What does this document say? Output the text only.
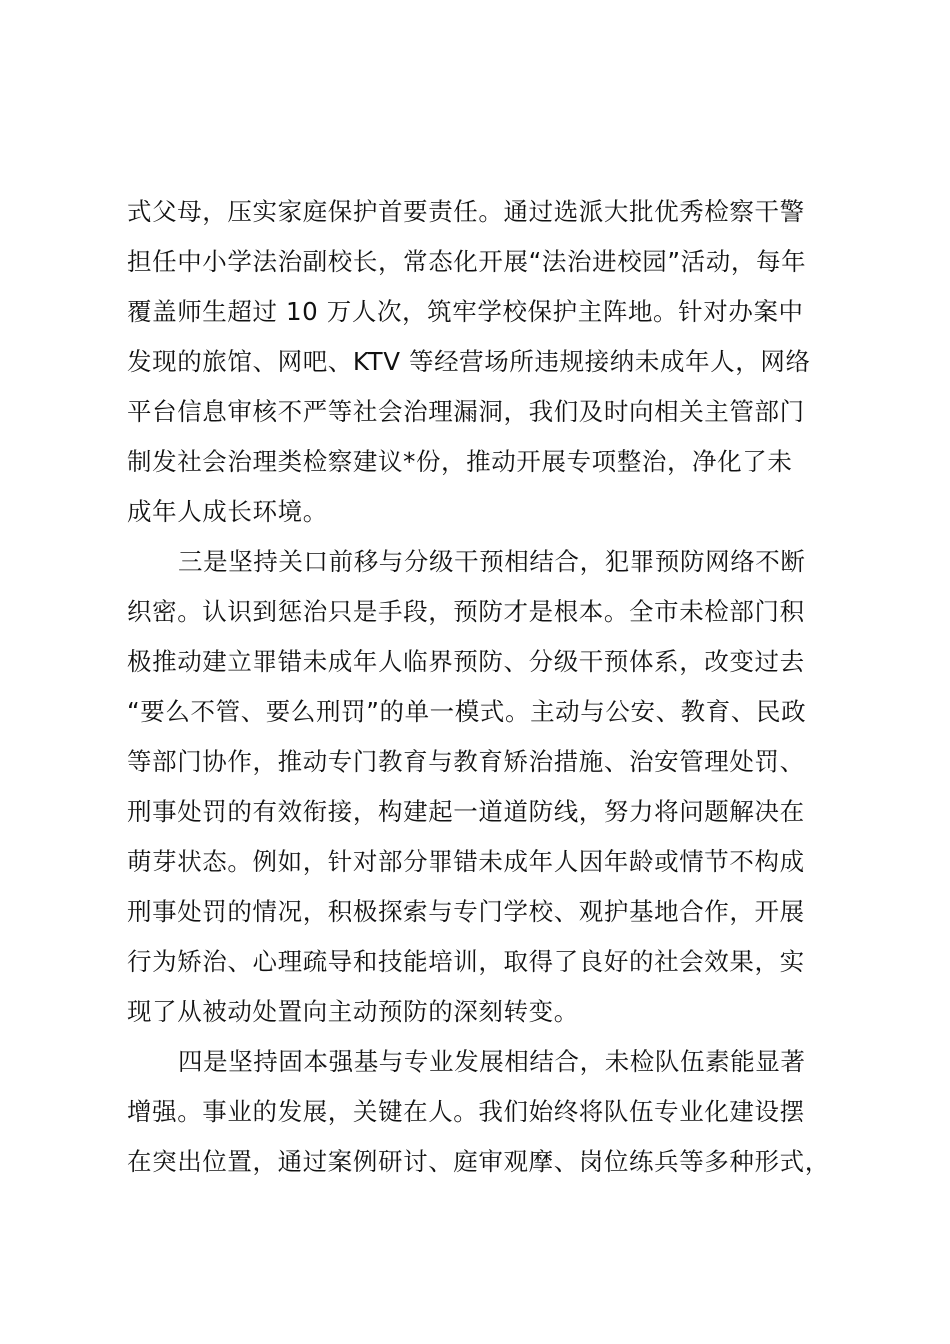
式父母，压实家庭保护首要责任。通过选派大批优秀检察干警
担任中小学法治副校长，常态化开展“法治进校园”活动，每年
覆盖师生超过 10 万人次，筑牢学校保护主阵地。针对办案中
发现的旅馆、网吧、KTV 等经营场所违规接纳未成年人，网络
平台信息审核不严等社会治理漏洞，我们及时向相关主管部门
制发社会治理类检察建议*份，推动开展专项整治，净化了未
成年人成长环境。
三是坚持关口前移与分级干预相结合，犯罪预防网络不断
织密。认识到惩治只是手段，预防才是根本。全市未检部门积
极推动建立罪错未成年人临界预防、分级干预体系，改变过去
“要么不管、要么刑罚”的单一模式。主动与公安、教育、民政
等部门协作，推动专门教育与教育矫治措施、治安管理处罚、
刑事处罚的有效衔接，构建起一道道防线，努力将问题解决在
萌芽状态。例如，针对部分罪错未成年人因年龄或情节不构成
刑事处罚的情况，积极探索与专门学校、观护基地合作，开展
行为矫治、心理疏导和技能培训，取得了良好的社会效果，实
现了从被动处置向主动预防的深刻转变。
四是坚持固本强基与专业发展相结合，未检队伍素能显著
增强。事业的发展，关键在人。我们始终将队伍专业化建设摆
在突出位置，通过案例研讨、庭审观摩、岗位练兵等多种形式，
